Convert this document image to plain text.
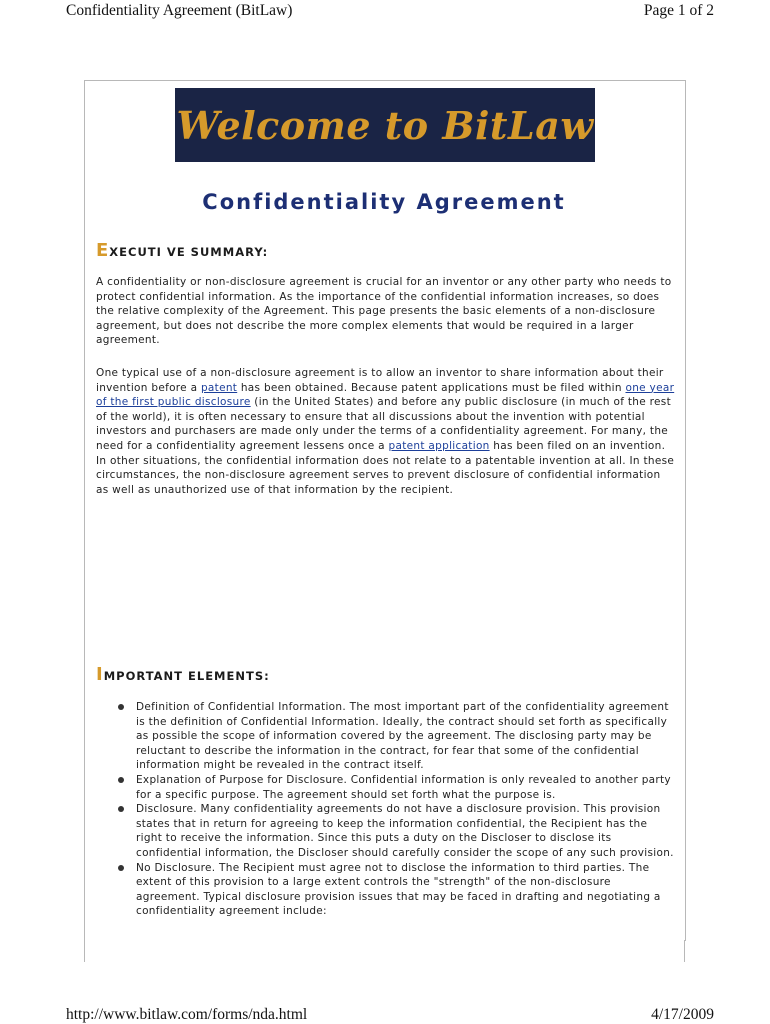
Confidentiality Agreement (BitLaw)	Page 1 of 2
Welcome to BitLaw
Confidentiality Agreement
EXECUTI VE SUMMARY:

A confidentiality or non-disclosure agreement is crucial for an inventor or any other party who needs to protect confidential information. As the importance of the confidential information increases, so does the relative complexity of the Agreement. This page presents the basic elements of a non-disclosure agreement, but does not describe the more complex elements that would be required in a larger agreement.

One typical use of a non-disclosure agreement is to allow an inventor to share information about their invention before a patent has been obtained. Because patent applications must be filed within one year of the first public disclosure (in the United States) and before any public disclosure (in much of the rest of the world), it is often necessary to ensure that all discussions about the invention with potential investors and purchasers are made only under the terms of a confidentiality agreement. For many, the need for a confidentiality agreement lessens once a patent application has been filed on an invention. In other situations, the confidential information does not relate to a patentable invention at all. In these circumstances, the non-disclosure agreement serves to prevent disclosure of confidential information as well as unauthorized use of that information by the recipient.

IMPORTANT ELEMENTS:
Definition of Confidential Information. The most important part of the confidentiality agreement is the definition of Confidential Information. Ideally, the contract should set forth as specifically as possible the scope of information covered by the agreement. The disclosing party may be reluctant to describe the information in the contract, for fear that some of the confidential information might be revealed in the contract itself.
Explanation of Purpose for Disclosure. Confidential information is only revealed to another party for a specific purpose. The agreement should set forth what the purpose is.
Disclosure. Many confidentiality agreements do not have a disclosure provision. This provision states that in return for agreeing to keep the information confidential, the Recipient has the right to receive the information. Since this puts a duty on the Discloser to disclose its confidential information, the Discloser should carefully consider the scope of any such provision.
No Disclosure. The Recipient must agree not to disclose the information to third parties. The extent of this provision to a large extent controls the "strength" of the non-disclosure agreement. Typical disclosure provision issues that may be faced in drafting and negotiating a confidentiality agreement include:
http://www.bitlaw.com/forms/nda.html	4/17/2009
